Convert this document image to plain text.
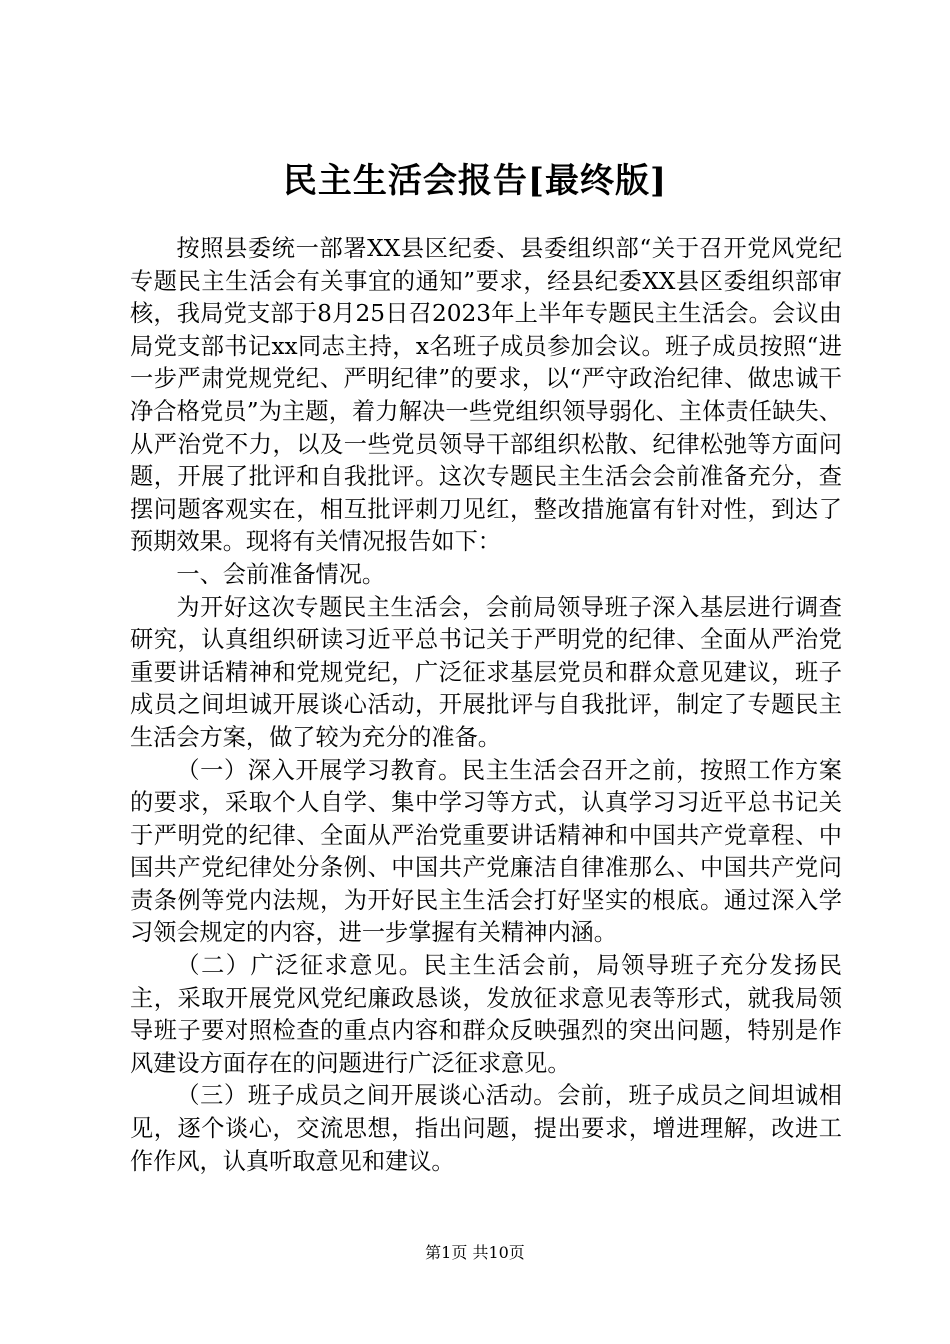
民主生活会报告[最终版]

按照县委统一部署XX县区纪委、县委组织部“关于召开党风党纪专题民主生活会有关事宜的通知”要求，经县纪委XX县区委组织部审核，我局党支部于8月25日召2023年上半年专题民主生活会。会议由局党支部书记xx同志主持，x名班子成员参加会议。班子成员按照“进一步严肃党规党纪、严明纪律”的要求，以“严守政治纪律、做忠诚干净合格党员”为主题，着力解决一些党组织领导弱化、主体责任缺失、从严治党不力，以及一些党员领导干部组织松散、纪律松弛等方面问题，开展了批评和自我批评。这次专题民主生活会会前准备充分，查摆问题客观实在，相互批评刺刀见红，整改措施富有针对性，到达了预期效果。现将有关情况报告如下：

一、会前准备情况。

为开好这次专题民主生活会，会前局领导班子深入基层进行调查研究，认真组织研读习近平总书记关于严明党的纪律、全面从严治党重要讲话精神和党规党纪，广泛征求基层党员和群众意见建议，班子成员之间坦诚开展谈心活动，开展批评与自我批评，制定了专题民主生活会方案，做了较为充分的准备。

（一）深入开展学习教育。民主生活会召开之前，按照工作方案的要求，采取个人自学、集中学习等方式，认真学习习近平总书记关于严明党的纪律、全面从严治党重要讲话精神和中国共产党章程、中国共产党纪律处分条例、中国共产党廉洁自律准那么、中国共产党问责条例等党内法规，为开好民主生活会打好坚实的根底。通过深入学习领会规定的内容，进一步掌握有关精神内涵。

（二）广泛征求意见。民主生活会前，局领导班子充分发扬民主，采取开展党风党纪廉政恳谈，发放征求意见表等形式，就我局领导班子要对照检查的重点内容和群众反映强烈的突出问题，特别是作风建设方面存在的问题进行广泛征求意见。

（三）班子成员之间开展谈心活动。会前，班子成员之间坦诚相见，逐个谈心，交流思想，指出问题，提出要求，增进理解，改进工作作风，认真听取意见和建议。

第1页 共10页
